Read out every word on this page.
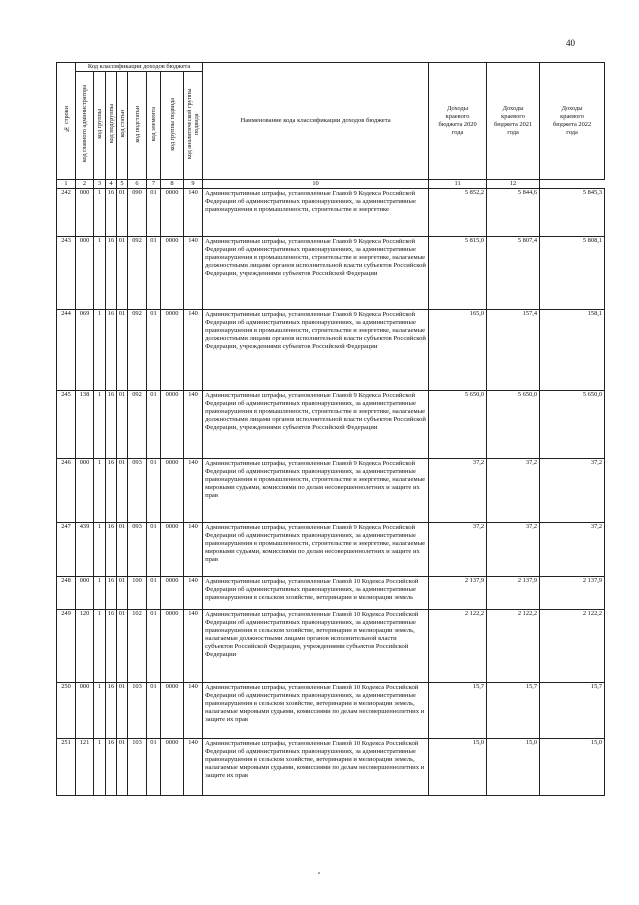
40
№ строки	Код классификации доходов бюджета								Наименование кода классификации доходов бюджета	Доходы краевого бюджета 2020 года	Доходы краевого бюджета 2021 года	Доходы краевого бюджета 2022 года
	код главного администратора	код группы	код подгруппы	код статьи	код подстатьи	код элемента	код группы подвида	код аналитической группы подвида				
1	2	3	4	5	6	7	8	9	10	11	12	
242	000	1	16	01	090	01	0000	140	Административные штрафы, установленные Главой 9 Кодекса Российской Федерации об административных правонарушениях, за административные правонарушения в промышленности, строительстве и энергетике	5 852,2	5 844,6	5 845,3
243	000	1	16	01	092	01	0000	140	Административные штрафы, установленные Главой 9 Кодекса Российской Федерации об административных правонарушениях, за административные правонарушения в промышленности, строительстве и энергетике, налагаемые должностными лицами органов исполнительной власти субъектов Российской Федерации, учреждениями субъектов Российской Федерации	5 815,0	5 807,4	5 808,1
244	069	1	16	01	092	01	0000	140	Административные штрафы, установленные Главой 9 Кодекса Российской Федерации об административных правонарушениях, за административные правонарушения в промышленности, строительстве и энергетике, налагаемые должностными лицами органов исполнительной власти субъектов Российской Федерации, учреждениями субъектов Российской Федерации	165,0	157,4	158,1
245	138	1	16	01	092	01	0000	140	Административные штрафы, установленные Главой 9 Кодекса Российской Федерации об административных правонарушениях, за административные правонарушения в промышленности, строительстве и энергетике, налагаемые должностными лицами органов исполнительной власти субъектов Российской Федерации, учреждениями субъектов Российской Федерации	5 650,0	5 650,0	5 650,0
246	000	1	16	01	093	01	0000	140	Административные штрафы, установленные Главой 9 Кодекса Российской Федерации об административных правонарушениях, за административные правонарушения в промышленности, строительстве и энергетике, налагаемые мировыми судьями, комиссиями по делам несовершеннолетних и защите их прав	37,2	37,2	37,2
247	439	1	16	01	093	01	0000	140	Административные штрафы, установленные Главой 9 Кодекса Российской Федерации об административных правонарушениях, за административные правонарушения в промышленности, строительстве и энергетике, налагаемые мировыми судьями, комиссиями по делам несовершеннолетних и защите их прав	37,2	37,2	37,2
248	000	1	16	01	100	01	0000	140	Административные штрафы, установленные Главой 10 Кодекса Российской Федерации об административных правонарушениях, за административные правонарушения в сельском хозяйстве, ветеринарии и мелиорации земель	2 137,9	2 137,9	2 137,9
249	120	1	16	01	102	01	0000	140	Административные штрафы, установленные Главой 10 Кодекса Российской Федерации об административных правонарушениях, за административные правонарушения в сельском хозяйстве, ветеринарии и мелиорации земель, налагаемые должностными лицами органов исполнительной власти субъектов Российской Федерации, учреждениями субъектов Российской Федерации	2 122,2	2 122,2	2 122,2
250	000	1	16	01	103	01	0000	140	Административные штрафы, установленные Главой 10 Кодекса Российской Федерации об административных правонарушениях, за административные правонарушения в сельском хозяйстве, ветеринарии и мелиорации земель, налагаемые мировыми судьями, комиссиями по делам несовершеннолетних и защите их прав	15,7	15,7	15,7
251	121	1	16	01	103	01	0000	140	Административные штрафы, установленные Главой 10 Кодекса Российской Федерации об административных правонарушениях, за административные правонарушения в сельском хозяйстве, ветеринарии и мелиорации земель, налагаемые мировыми судьями, комиссиями по делам несовершеннолетних и защите их прав	15,0	15,0	15,0
